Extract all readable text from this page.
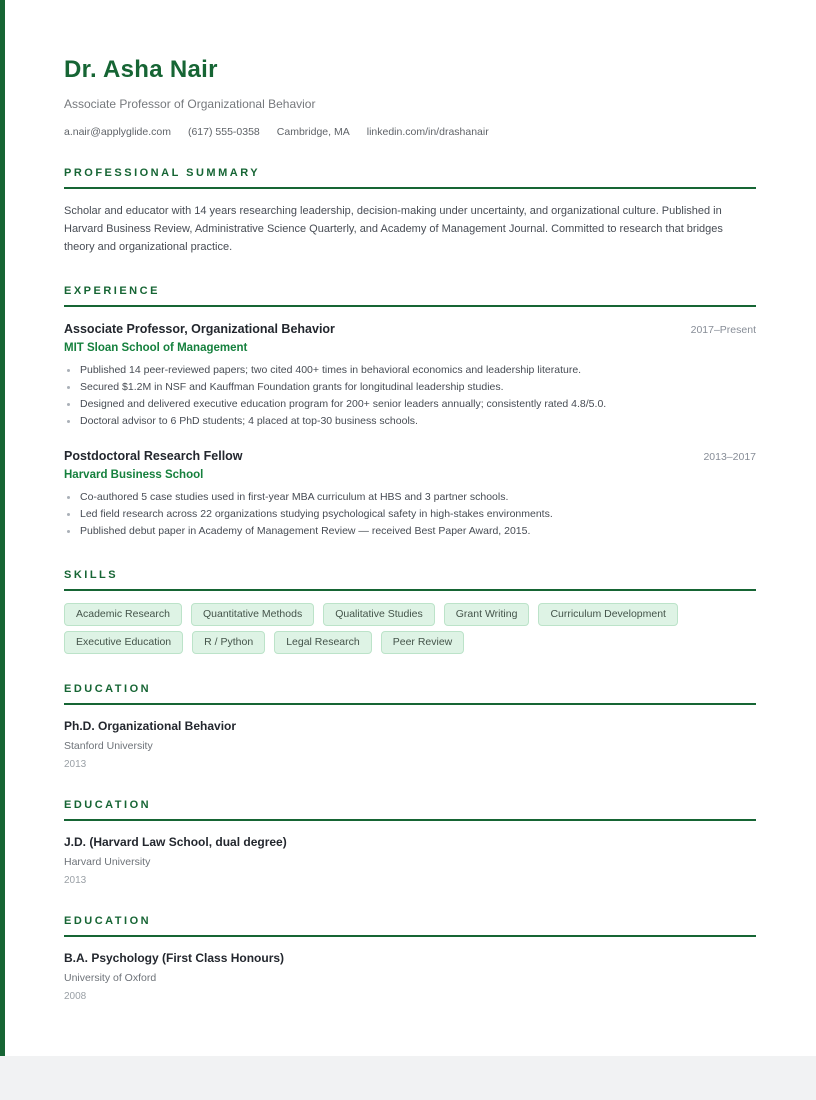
Dr. Asha Nair
Associate Professor of Organizational Behavior
a.nair@applyglide.com (617) 555-0358 Cambridge, MA linkedin.com/in/drashanair
PROFESSIONAL SUMMARY

Scholar and educator with 14 years researching leadership, decision-making under uncertainty, and organizational culture. Published in Harvard Business Review, Administrative Science Quarterly, and Academy of Management Journal. Committed to research that bridges theory and organizational practice.

EXPERIENCE
Associate Professor, Organizational Behavior	2017–Present
MIT Sloan School of Management
Published 14 peer-reviewed papers; two cited 400+ times in behavioral economics and leadership literature.
Secured $1.2M in NSF and Kauffman Foundation grants for longitudinal leadership studies.
Designed and delivered executive education program for 200+ senior leaders annually; consistently rated 4.8/5.0.
Doctoral advisor to 6 PhD students; 4 placed at top-30 business schools.
Postdoctoral Research Fellow	2013–2017
Harvard Business School
Co-authored 5 case studies used in first-year MBA curriculum at HBS and 3 partner schools.
Led field research across 22 organizations studying psychological safety in high-stakes environments.
Published debut paper in Academy of Management Review — received Best Paper Award, 2015.
SKILLS
Academic Research	Quantitative Methods	Qualitative Studies	Grant Writing	Curriculum Development
Executive Education	R / Python	Legal Research	Peer Review
EDUCATION
Ph.D. Organizational Behavior
Stanford University
2013
EDUCATION
J.D. (Harvard Law School, dual degree)
Harvard University
2013
EDUCATION
B.A. Psychology (First Class Honours)
University of Oxford
2008
